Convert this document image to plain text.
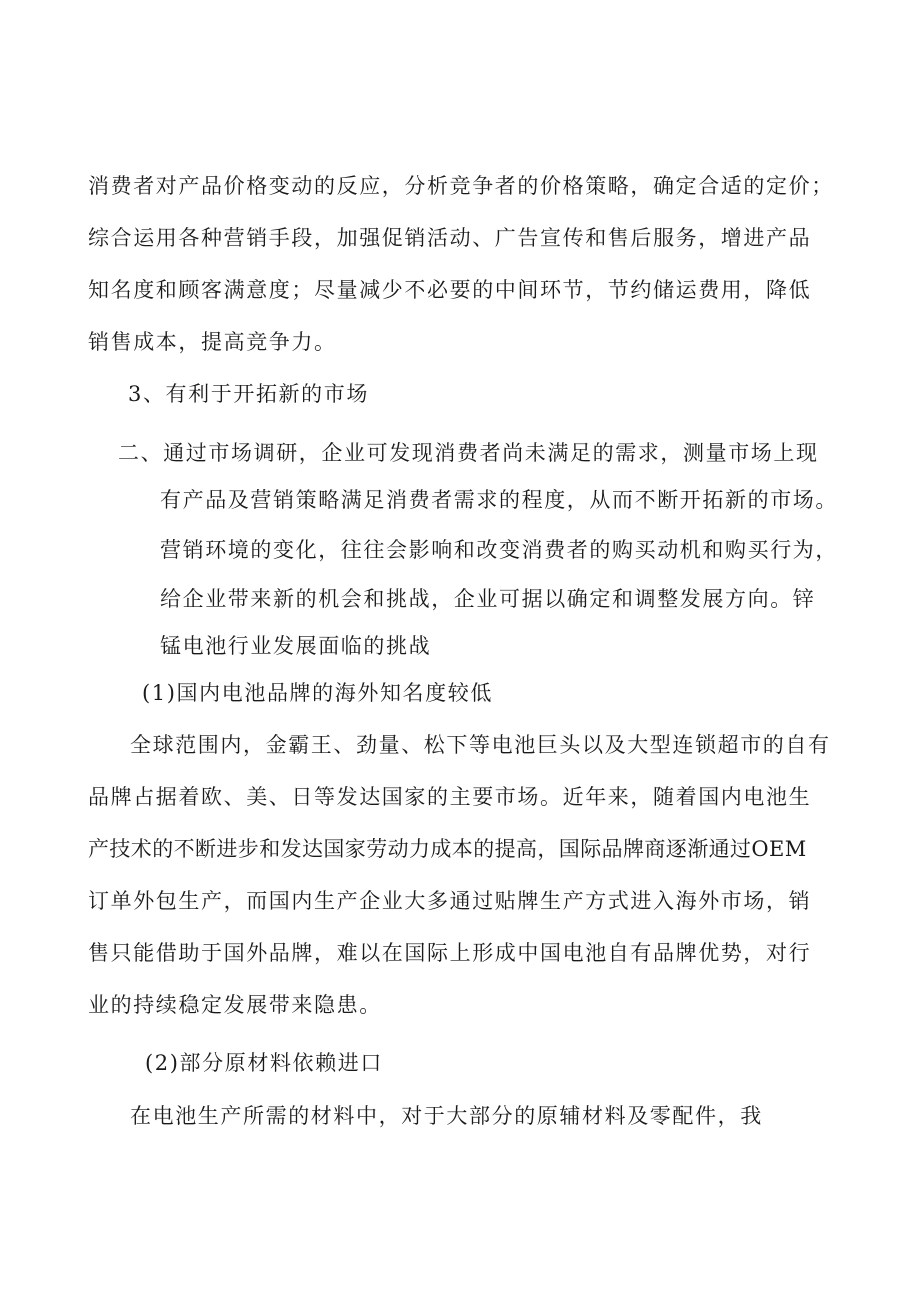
消费者对产品价格变动的反应，分析竞争者的价格策略，确定合适的定价；
综合运用各种营销手段，加强促销活动、广告宣传和售后服务，增进产品
知名度和顾客满意度；尽量减少不必要的中间环节，节约储运费用，降低
销售成本，提高竞争力。
3、有利于开拓新的市场
二、通过市场调研，企业可发现消费者尚未满足的需求，测量市场上现
有产品及营销策略满足消费者需求的程度，从而不断开拓新的市场。
营销环境的变化，往往会影响和改变消费者的购买动机和购买行为，
给企业带来新的机会和挑战，企业可据以确定和调整发展方向。锌
锰电池行业发展面临的挑战
(1)国内电池品牌的海外知名度较低
全球范围内，金霸王、劲量、松下等电池巨头以及大型连锁超市的自有
品牌占据着欧、美、日等发达国家的主要市场。近年来，随着国内电池生
产技术的不断进步和发达国家劳动力成本的提高，国际品牌商逐渐通过OEM
订单外包生产，而国内生产企业大多通过贴牌生产方式进入海外市场，销
售只能借助于国外品牌，难以在国际上形成中国电池自有品牌优势，对行
业的持续稳定发展带来隐患。
(2)部分原材料依赖进口
在电池生产所需的材料中，对于大部分的原辅材料及零配件，我
